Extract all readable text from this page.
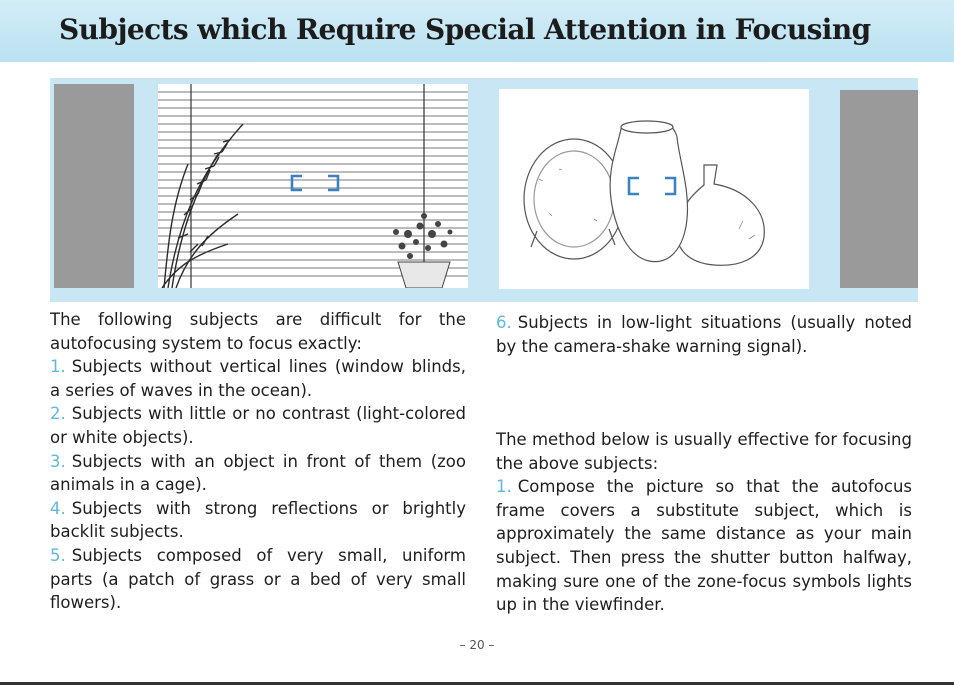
Subjects which Require Special Attention in Focusing

The following subjects are difficult for the autofocusing system to focus exactly:

1. Subjects without vertical lines (window blinds, a series of waves in the ocean).

2. Subjects with little or no contrast (light-colored or white objects).

3. Subjects with an object in front of them (zoo animals in a cage).

4. Subjects with strong reflections or brightly backlit subjects.

5. Subjects composed of very small, uniform parts (a patch of grass or a bed of very small flowers).

6. Subjects in low-light situations (usually noted by the camera-shake warning signal).

The method below is usually effective for focusing the above subjects:

1. Compose the picture so that the autofocus frame covers a substitute subject, which is approximately the same distance as your main subject. Then press the shutter button halfway, making sure one of the zone-focus symbols lights up in the viewfinder.

– 20 –
